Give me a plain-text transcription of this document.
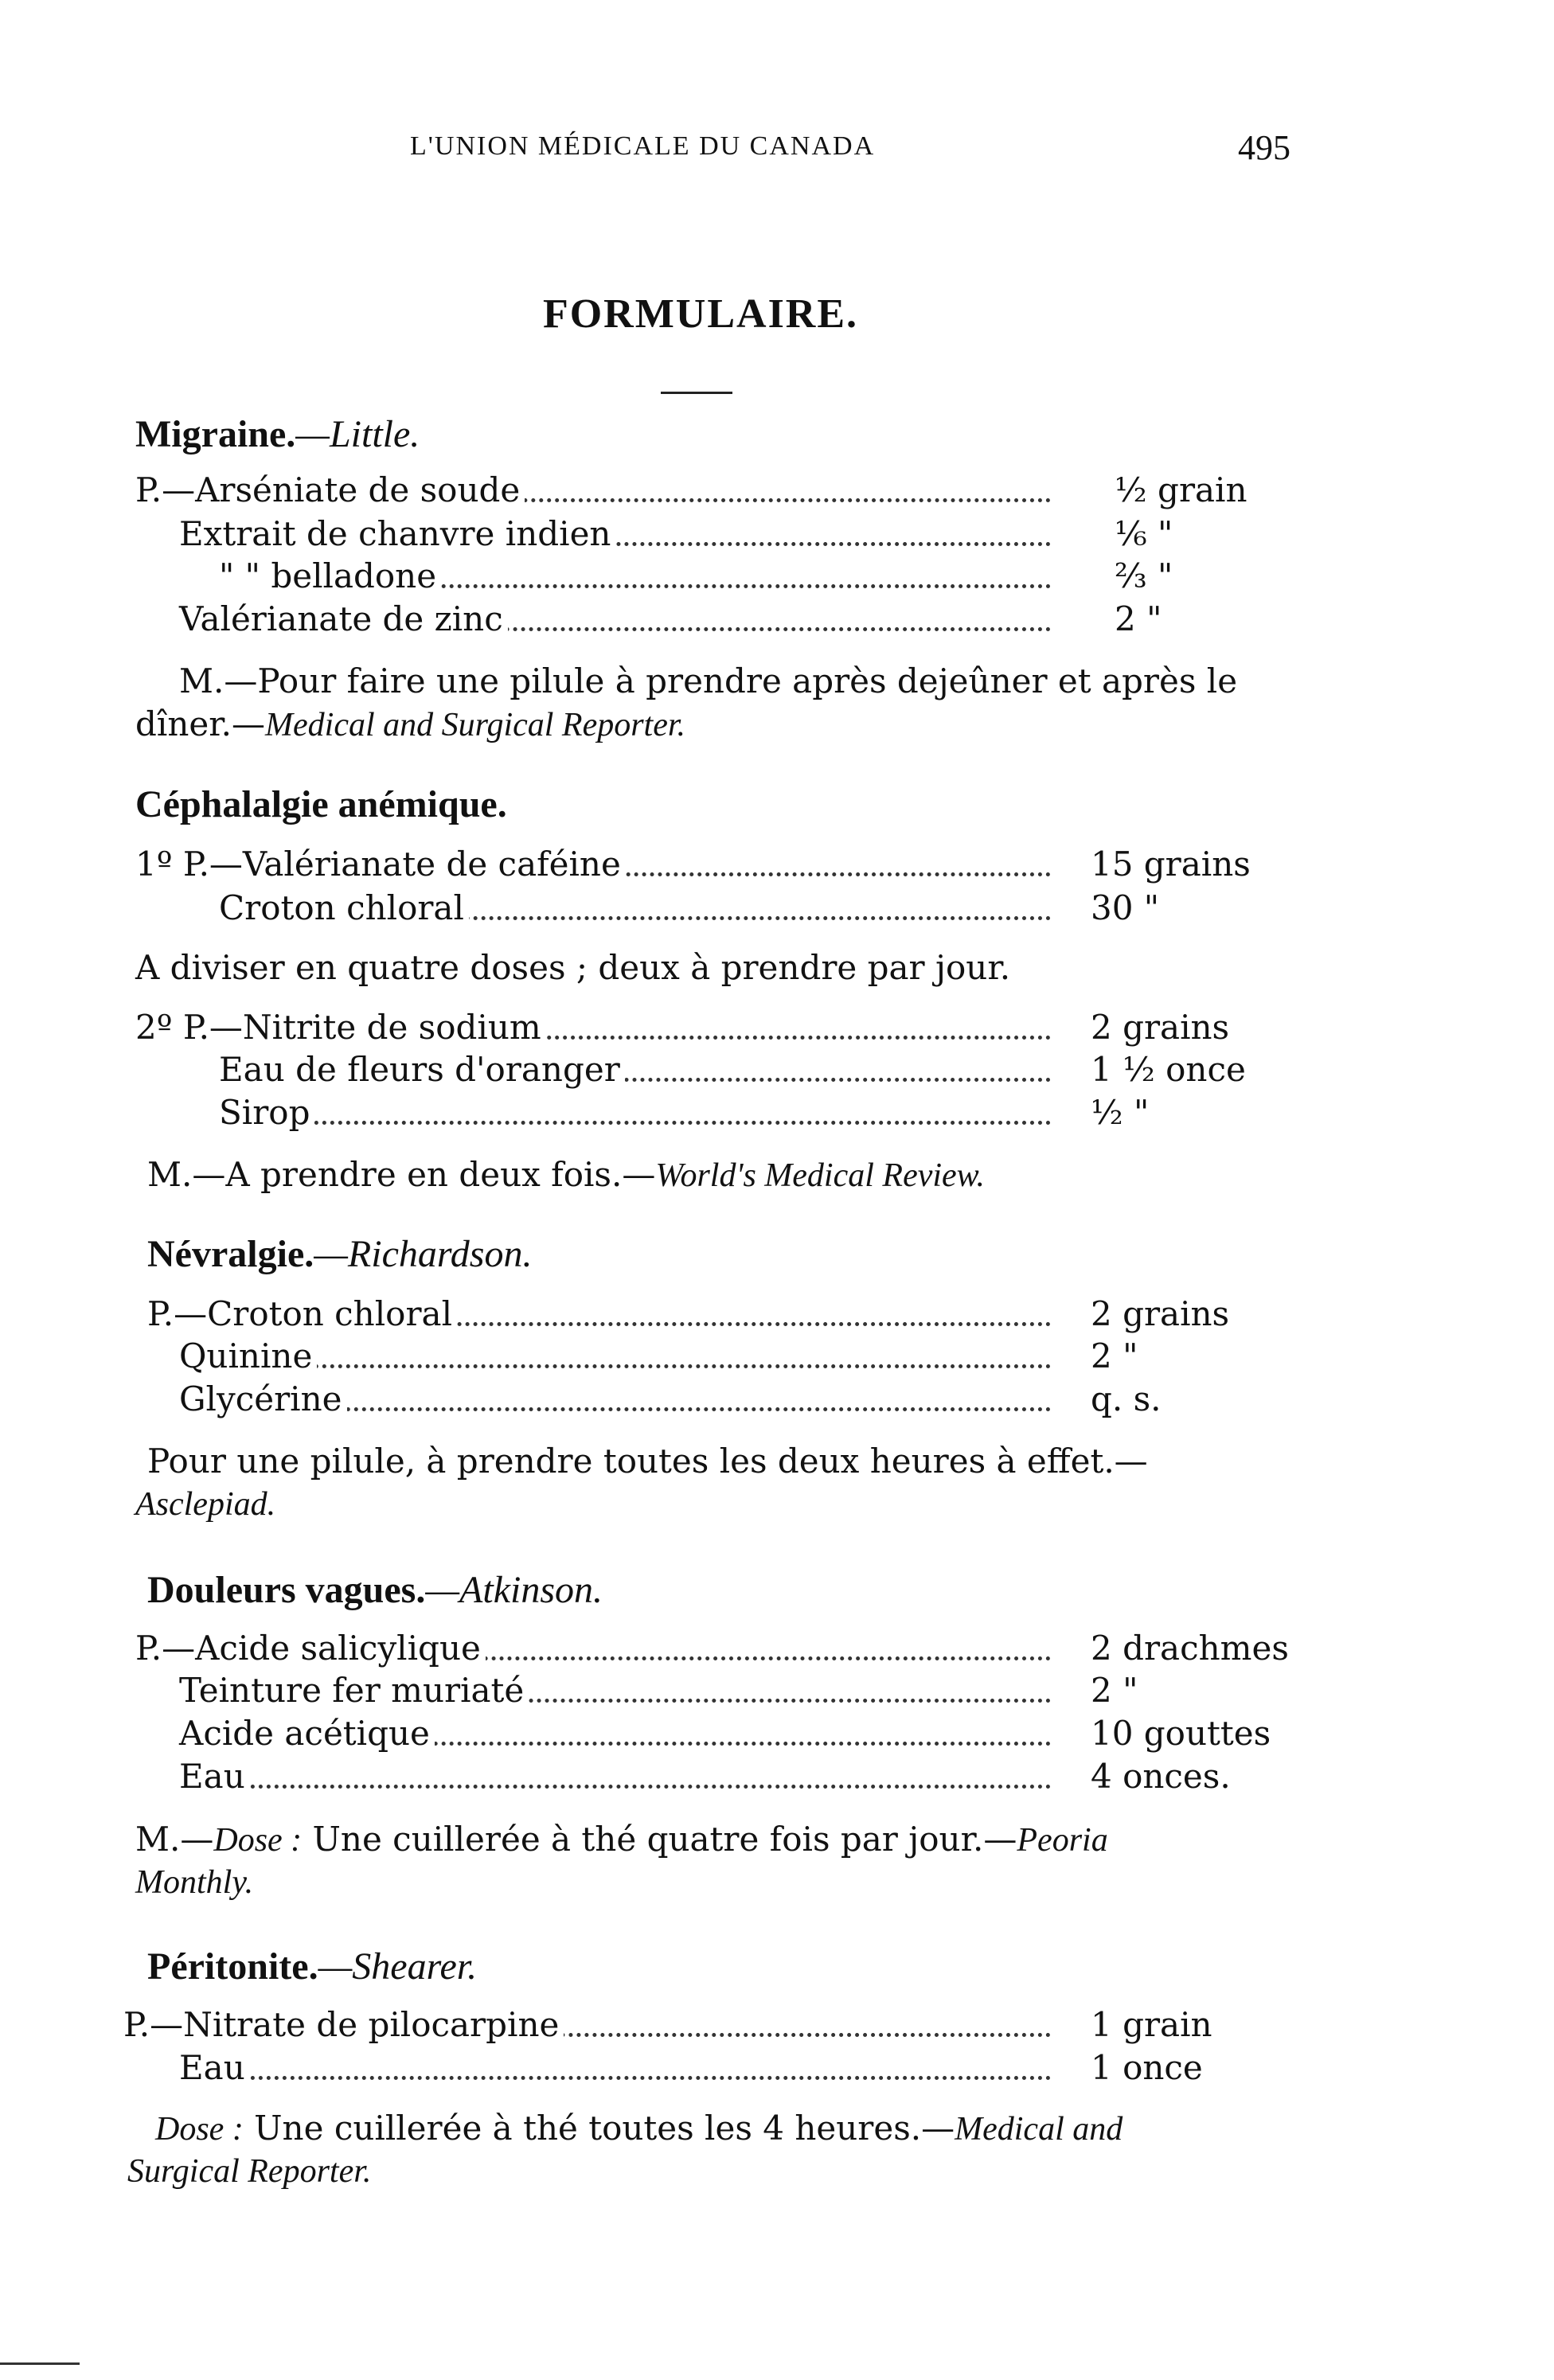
L'UNION MÉDICALE DU CANADA	495
FORMULAIRE.
Migraine.—Little.
P.—Arséniate de soude	½ grain
Extrait de chanvre indien	⅙ "
" " belladone	⅔ "
Valérianate de zinc	2 "
M.—Pour faire une pilule à prendre après dejeûner et après le
dîner.—Medical and Surgical Reporter.
Céphalalgie anémique.
1º P.—Valérianate de caféine	15 grains
Croton chloral	30 "
A diviser en quatre doses ; deux à prendre par jour.
2º P.—Nitrite de sodium	2 grains
Eau de fleurs d'oranger	1 ½ once
Sirop	½ "
M.—A prendre en deux fois.—World's Medical Review.
Névralgie.—Richardson.
P.—Croton chloral	2 grains
Quinine	2 "
Glycérine	q. s.
Pour une pilule, à prendre toutes les deux heures à effet.—
Asclepiad.
Douleurs vagues.—Atkinson.
P.—Acide salicylique	2 drachmes
Teinture fer muriaté	2 "
Acide acétique	10 gouttes
Eau	4 onces.
M.—Dose : Une cuillerée à thé quatre fois par jour.—Peoria
Monthly.
Péritonite.—Shearer.
P.—Nitrate de pilocarpine	1 grain
Eau	1 once
Dose : Une cuillerée à thé toutes les 4 heures.—Medical and
Surgical Reporter.
